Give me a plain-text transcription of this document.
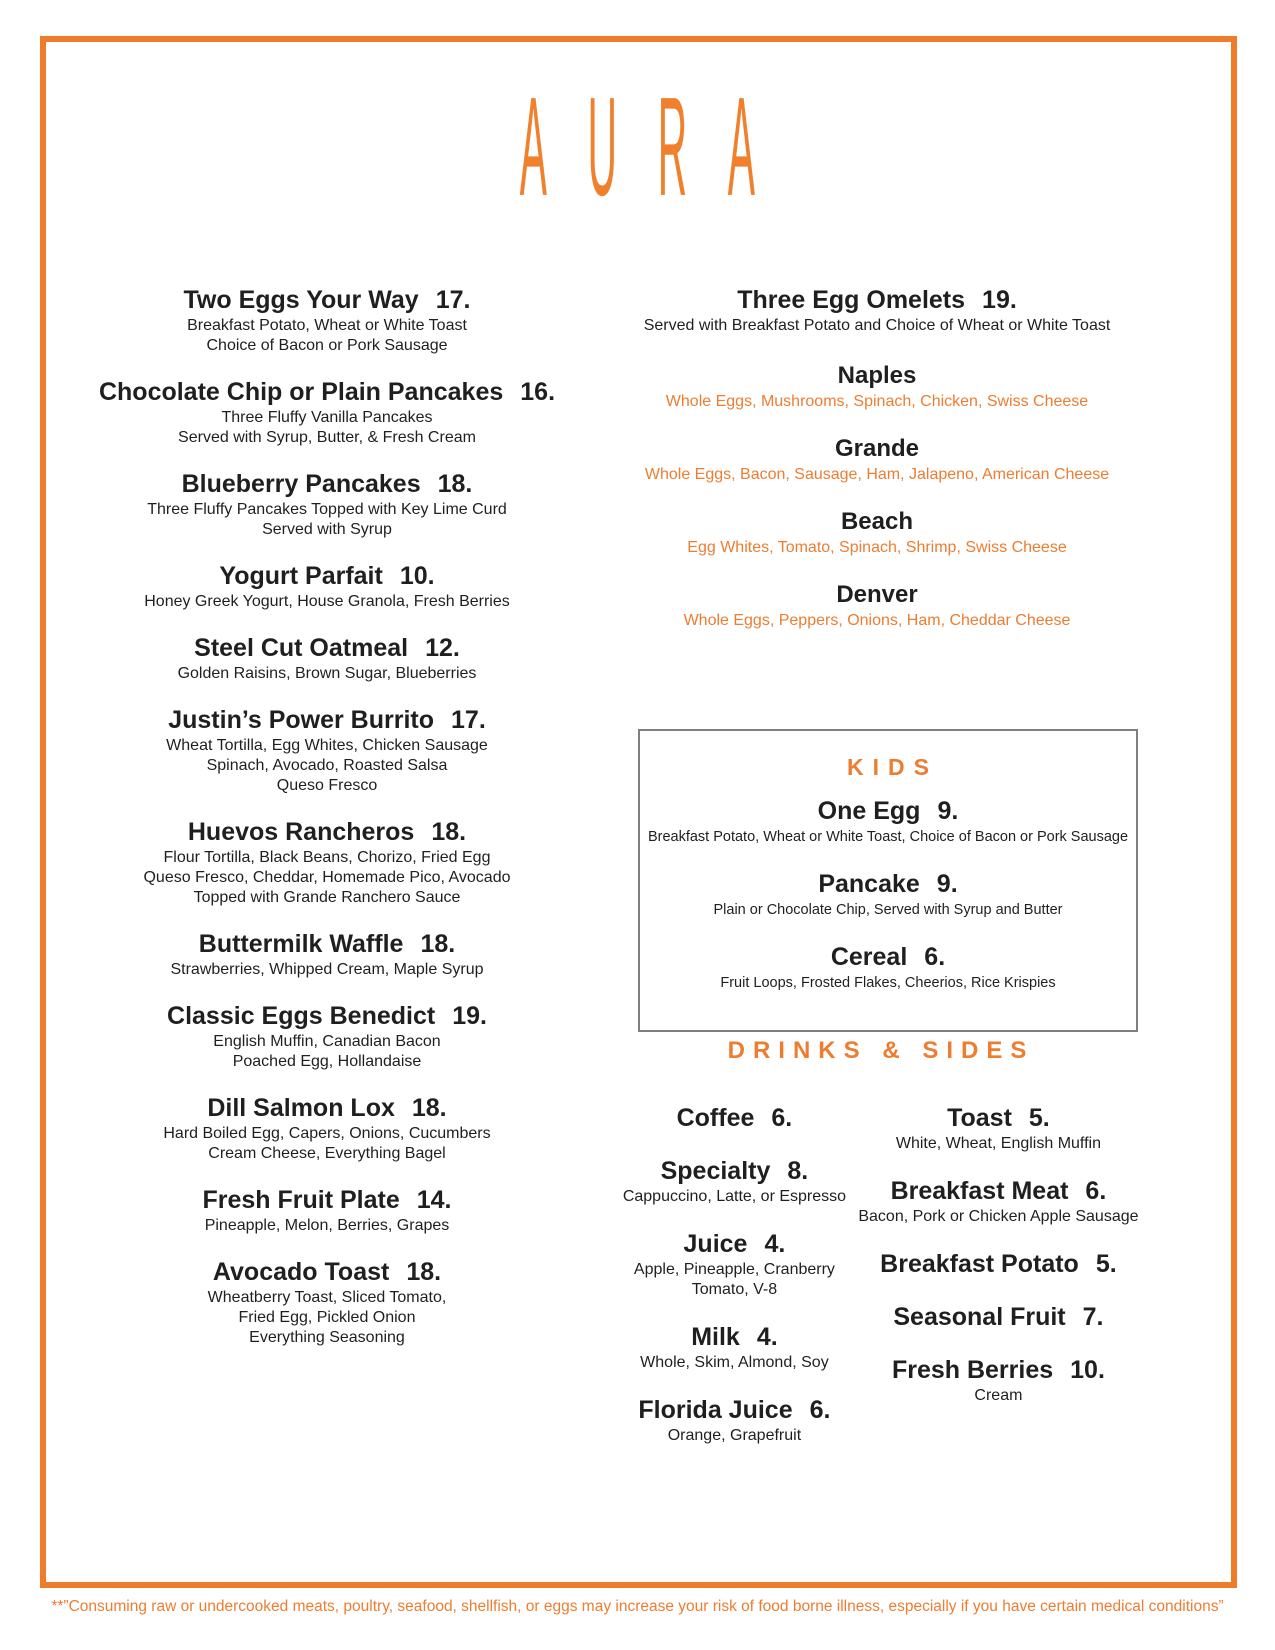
AURA
Two Eggs Your Way 17.
Breakfast Potato, Wheat or White Toast
Choice of Bacon or Pork Sausage
Chocolate Chip or Plain Pancakes 16.
Three Fluffy Vanilla Pancakes
Served with Syrup, Butter, & Fresh Cream
Blueberry Pancakes 18.
Three Fluffy Pancakes Topped with Key Lime Curd
Served with Syrup
Yogurt Parfait 10.
Honey Greek Yogurt, House Granola, Fresh Berries
Steel Cut Oatmeal 12.
Golden Raisins, Brown Sugar, Blueberries
Justin’s Power Burrito 17.
Wheat Tortilla, Egg Whites, Chicken Sausage
Spinach, Avocado, Roasted Salsa
Queso Fresco
Huevos Rancheros 18.
Flour Tortilla, Black Beans, Chorizo, Fried Egg
Queso Fresco, Cheddar, Homemade Pico, Avocado
Topped with Grande Ranchero Sauce
Buttermilk Waffle 18.
Strawberries, Whipped Cream, Maple Syrup
Classic Eggs Benedict 19.
English Muffin, Canadian Bacon
Poached Egg, Hollandaise
Dill Salmon Lox 18.
Hard Boiled Egg, Capers, Onions, Cucumbers
Cream Cheese, Everything Bagel
Fresh Fruit Plate 14.
Pineapple, Melon, Berries, Grapes
Avocado Toast 18.
Wheatberry Toast, Sliced Tomato,
Fried Egg, Pickled Onion
Everything Seasoning
Three Egg Omelets 19.
Served with Breakfast Potato and Choice of Wheat or White Toast
Naples
Whole Eggs, Mushrooms, Spinach, Chicken, Swiss Cheese
Grande
Whole Eggs, Bacon, Sausage, Ham, Jalapeno, American Cheese
Beach
Egg Whites, Tomato, Spinach, Shrimp, Swiss Cheese
Denver
Whole Eggs, Peppers, Onions, Ham, Cheddar Cheese
KIDS
One Egg 9.
Breakfast Potato, Wheat or White Toast, Choice of Bacon or Pork Sausage
Pancake 9.
Plain or Chocolate Chip, Served with Syrup and Butter
Cereal 6.
Fruit Loops, Frosted Flakes, Cheerios, Rice Krispies
DRINKS & SIDES
Coffee 6.
Specialty 8.
Cappuccino, Latte, or Espresso
Juice 4.
Apple, Pineapple, Cranberry
Tomato, V-8
Milk 4.
Whole, Skim, Almond, Soy
Florida Juice 6.
Orange, Grapefruit
Toast 5.
White, Wheat, English Muffin
Breakfast Meat 6.
Bacon, Pork or Chicken Apple Sausage
Breakfast Potato 5.
Seasonal Fruit 7.
Fresh Berries 10.
Cream
**”Consuming raw or undercooked meats, poultry, seafood, shellfish, or eggs may increase your risk of food borne illness, especially if you have certain medical conditions”
